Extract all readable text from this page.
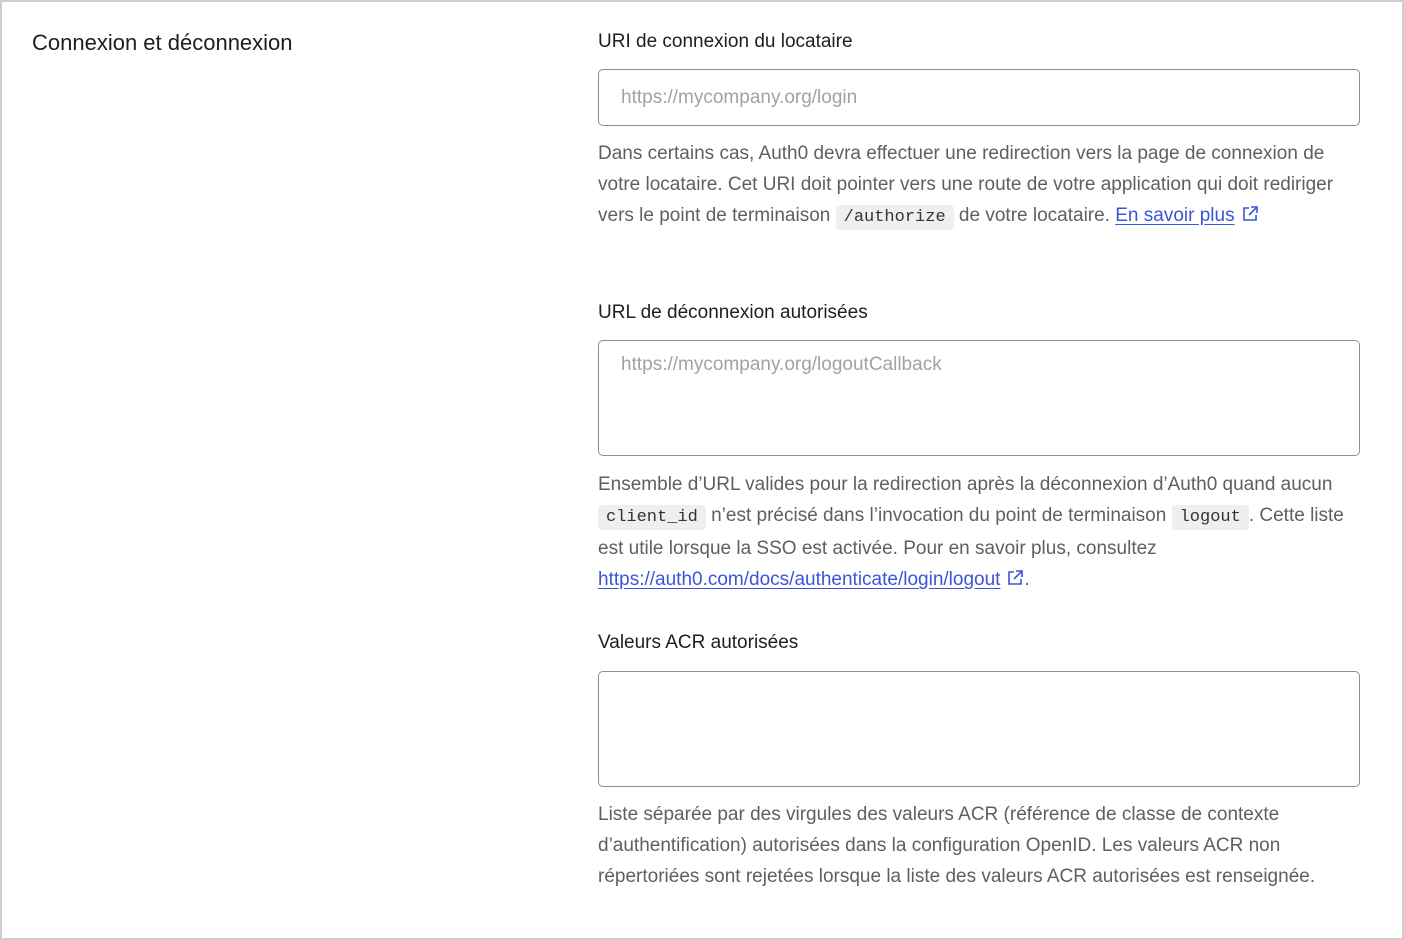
Connexion et déconnexion	URI de connexion du locataire
https://mycompany.org/login
Dans certains cas, Auth0 devra effectuer une redirection vers la page de connexion de votre locataire. Cet URI doit pointer vers une route de votre application qui doit rediriger vers le point de terminaison /authorize de votre locataire. En savoir plus
URL de déconnexion autorisées
https://mycompany.org/logoutCallback
Ensemble d’URL valides pour la redirection après la déconnexion d’Auth0 quand aucun client_id n’est précisé dans l’invocation du point de terminaison logout . Cette liste est utile lorsque la SSO est activée. Pour en savoir plus, consultez https://auth0.com/docs/authenticate/login/logout .
Valeurs ACR autorisées
Liste séparée par des virgules des valeurs ACR (référence de classe de contexte d’authentification) autorisées dans la configuration OpenID. Les valeurs ACR non répertoriées sont rejetées lorsque la liste des valeurs ACR autorisées est renseignée.
